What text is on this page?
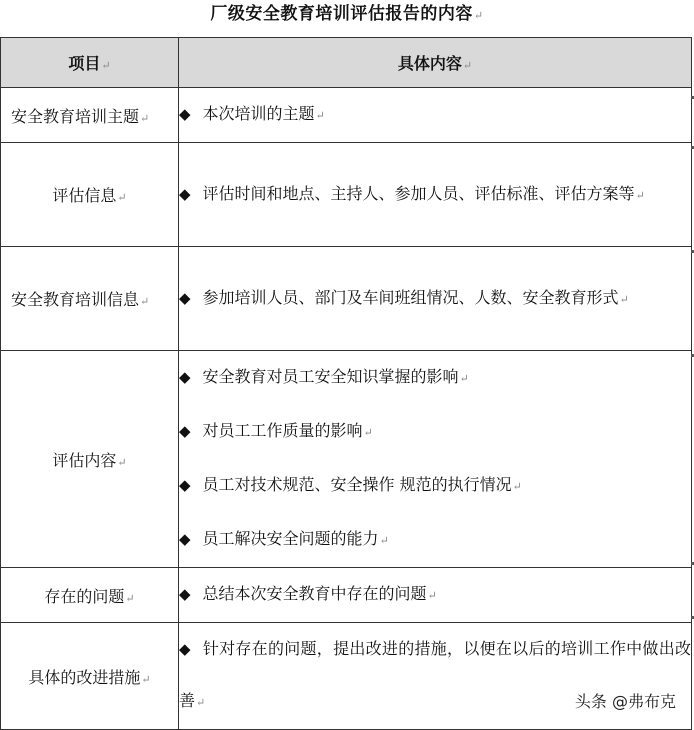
厂级安全教育培训评估报告的内容↵
项目↵	具体内容↵
安全教育培训主题↵	◆ 本次培训的主题↵

评估信息↵	◆ 评估时间和地点、主持人、参加人员、评估标准、评估方案等↵

安全教育培训信息↵	◆ 参加培训人员、部门及车间班组情况、人数、安全教育形式↵

评估内容↵	◆ 安全教育对员工安全知识掌握的影响↵
◆ 对员工工作质量的影响↵
◆ 员工对技术规范、安全操作 规范的执行情况↵
◆ 员工解决安全问题的能力↵

存在的问题↵	◆ 总结本次安全教育中存在的问题↵

具体的改进措施↵	◆ 针对存在的问题，提出改进的措施，以便在以后的培训工作中做出改善↵	头条 @弗布克
